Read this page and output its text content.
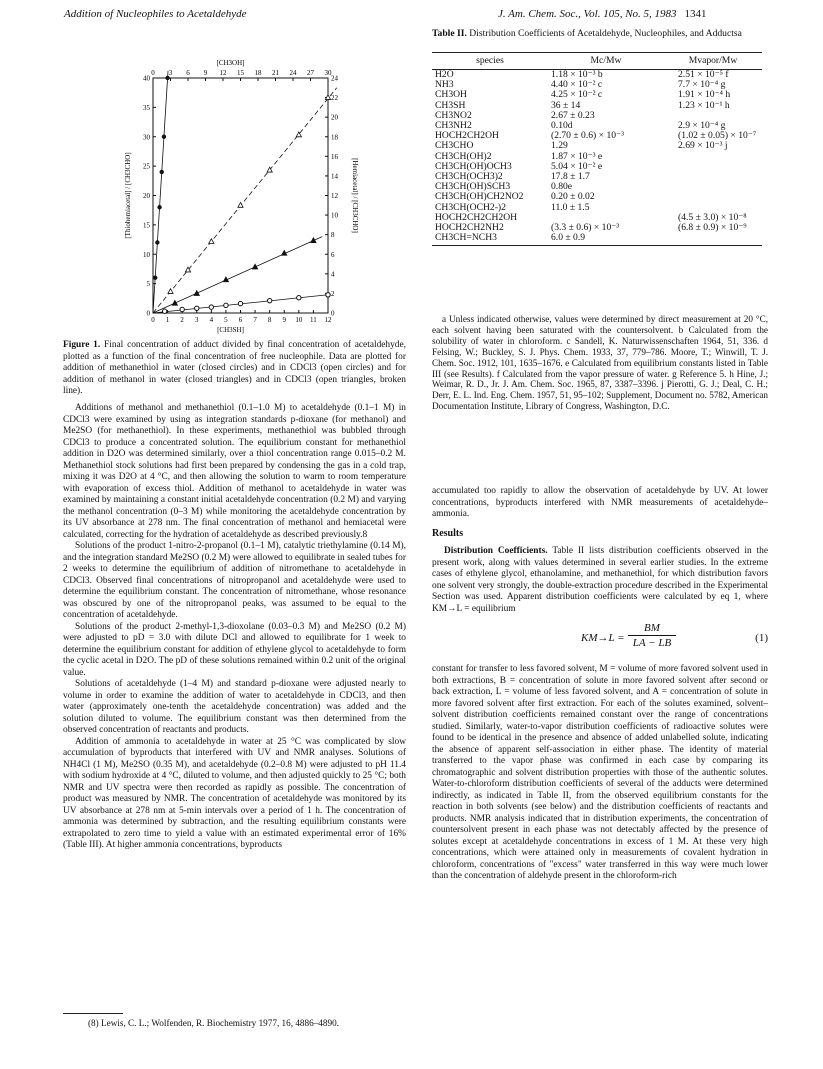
Addition of Nucleophiles to Acetaldehyde	J. Am. Chem. Soc., Vol. 105, No. 5, 1983 1341
0 1 2 3 4 5 6 7 8 9 10 11 12
0 3 6 9 12 15 18 21 24 27 30
0
5
10
15
20
25
30
35
40
0
2
4
6
8
10
12
14
16
18
20
22
24
[CH3OH]
[CH3SH]
[Thiohemiacetal] / [CH3CHO]	[Hemiacetal] / [CH3CHO]
Figure 1. Final concentration of adduct divided by final concentration of acetaldehyde, plotted as a function of the final concentration of free nucleophile. Data are plotted for addition of methanethiol in water (closed circles) and in CDCl3 (open circles) and for addition of methanol in water (closed triangles) and in CDCl3 (open triangles, broken line).

Additions of methanol and methanethiol (0.1–1.0 M) to acetaldehyde (0.1–1 M) in CDCl3 were examined by using as integration standards p-dioxane (for methanol) and Me2SO (for methanethiol). In these experiments, methanethiol was bubbled through CDCl3 to produce a concentrated solution. The equilibrium constant for methanethiol addition in D2O was determined similarly, over a thiol concentration range 0.015–0.2 M. Methanethiol stock solutions had first been prepared by condensing the gas in a cold trap, mixing it was D2O at 4 °C, and then allowing the solution to warm to room temperature with evaporation of excess thiol. Addition of methanol to acetaldehyde in water was examined by maintaining a constant initial acetaldehyde concentration (0.2 M) and varying the methanol concentration (0–3 M) while monitoring the acetaldehyde concentration by its UV absorbance at 278 nm. The final concentration of methanol and hemiacetal were calculated, correcting for the hydration of acetaldehyde as described previously.8

Solutions of the product 1-nitro-2-propanol (0.1–1 M), catalytic triethylamine (0.14 M), and the integration standard Me2SO (0.2 M) were allowed to equilibrate in sealed tubes for 2 weeks to determine the equilibrium of addition of nitromethane to acetaldehyde in CDCl3. Observed final concentrations of nitropropanol and acetaldehyde were used to determine the equilibrium constant. The concentration of nitromethane, whose resonance was obscured by one of the nitropropanol peaks, was assumed to be equal to the concentration of acetaldehyde.

Solutions of the product 2-methyl-1,3-dioxolane (0.03–0.3 M) and Me2SO (0.2 M) were adjusted to pD = 3.0 with dilute DCl and allowed to equilibrate for 1 week to determine the equilibrium constant for addition of ethylene glycol to acetaldehyde to form the cyclic acetal in D2O. The pD of these solutions remained within 0.2 unit of the original value.

Solutions of acetaldehyde (1–4 M) and standard p-dioxane were adjusted nearly to volume in order to examine the addition of water to acetaldehyde in CDCl3, and then water (approximately one-tenth the acetaldehyde concentration) was added and the solution diluted to volume. The equilibrium constant was then determined from the observed concentration of reactants and products.

Addition of ammonia to acetaldehyde in water at 25 °C was complicated by slow accumulation of byproducts that interfered with UV and NMR analyses. Solutions of NH4Cl (1 M), Me2SO (0.35 M), and acetaldehyde (0.2–0.8 M) were adjusted to pH 11.4 with sodium hydroxide at 4 °C, diluted to volume, and then adjusted quickly to 25 °C; both NMR and UV spectra were then recorded as rapidly as possible. The concentration of product was measured by NMR. The concentration of acetaldehyde was monitored by its UV absorbance at 278 nm at 5-min intervals over a period of 1 h. The concentration of ammonia was determined by subtraction, and the resulting equilibrium constants were extrapolated to zero time to yield a value with an estimated experimental error of 16% (Table III). At higher ammonia concentrations, byproducts

(8) Lewis, C. L.; Wolfenden, R. Biochemistry 1977, 16, 4886–4890.
Table II. Distribution Coefficients of Acetaldehyde, Nucleophiles, and Adductsa
species	Mc/Mw	Mvapor/Mw
H2O	1.18 × 10⁻³ b	2.51 × 10⁻⁵ f
NH3	4.40 × 10⁻² c	7.7 × 10⁻⁴ g
CH3OH	4.25 × 10⁻² c	1.91 × 10⁻⁴ h
CH3SH	36 ± 14	1.23 × 10⁻¹ h
CH3NO2	2.67 ± 0.23	
CH3NH2	0.10d	2.9 × 10⁻⁴ g
HOCH2CH2OH	(2.70 ± 0.6) × 10⁻³	(1.02 ± 0.05) × 10⁻⁷
CH3CHO	1.29	2.69 × 10⁻³ j
CH3CH(OH)2	1.87 × 10⁻³ e	
CH3CH(OH)OCH3	5.04 × 10⁻² e	
CH3CH(OCH3)2	17.8 ± 1.7	
CH3CH(OH)SCH3	0.80e	
CH3CH(OH)CH2NO2	0.20 ± 0.02	
CH3CH(OCH2-)2	11.0 ± 1.5	
HOCH2CH2CH2OH		(4.5 ± 3.0) × 10⁻⁸
HOCH2CH2NH2	(3.3 ± 0.6) × 10⁻³	(6.8 ± 0.9) × 10⁻⁹
CH3CH=NCH3	6.0 ± 0.9	
a Unless indicated otherwise, values were determined by direct measurement at 20 °C, each solvent having been saturated with the countersolvent. b Calculated from the solubility of water in chloroform. c Sandell, K. Naturwissenschaften 1964, 51, 336. d Felsing, W.; Buckley, S. J. Phys. Chem. 1933, 37, 779–786. Moore, T.; Winwill, T. J. Chem. Soc. 1912, 101, 1635–1676. e Calculated from equilibrium constants listed in Table III (see Results). f Calculated from the vapor pressure of water. g Reference 5. h Hine, J.; Weimar, R. D., Jr. J. Am. Chem. Soc. 1965, 87, 3387–3396. j Pierotti, G. J.; Deal, C. H.; Derr, E. L. Ind. Eng. Chem. 1957, 51, 95–102; Supplement, Document no. 5782, American Documentation Institute, Library of Congress, Washington, D.C.

accumulated too rapidly to allow the observation of acetaldehyde by UV. At lower concentrations, byproducts interfered with NMR measurements of acetaldehyde–ammonia.

Results

Distribution Coefficients. Table II lists distribution coefficients observed in the present work, along with values determined in several earlier studies. In the extreme cases of ethylene glycol, ethanolamine, and methanethiol, for which distribution favors one solvent very strongly, the double-extraction procedure described in the Experimental Section was used. Apparent distribution coefficients were calculated by eq 1, where KM→L = equilibrium

$KM\to L = \frac{BM}{LA - LB}$	(1)

constant for transfer to less favored solvent, M = volume of more favored solvent used in both extractions, B = concentration of solute in more favored solvent after second or back extraction, L = volume of less favored solvent, and A = concentration of solute in more favored solvent after first extraction. For each of the solutes examined, solvent–solvent distribution coefficients remained constant over the range of concentrations studied. Similarly, water-to-vapor distribution coefficients of radioactive solutes were found to be identical in the presence and absence of added unlabelled solute, indicating the absence of apparent self-association in either phase. The identity of material transferred to the vapor phase was confirmed in each case by comparing its chromatographic and solvent distribution properties with those of the authentic solutes. Water-to-chloroform distribution coefficients of several of the adducts were determined indirectly, as indicated in Table II, from the observed equilibrium constants for the reaction in both solvents (see below) and the distribution coefficients of reactants and products. NMR analysis indicated that in distribution experiments, the concentration of countersolvent present in each phase was not detectably affected by the presence of solutes except at acetaldehyde concentrations in excess of 1 M. At these very high concentrations, which were attained only in measurements of covalent hydration in chloroform, concentrations of "excess" water transferred in this way were much lower than the concentration of aldehyde present in the chloroform-rich
